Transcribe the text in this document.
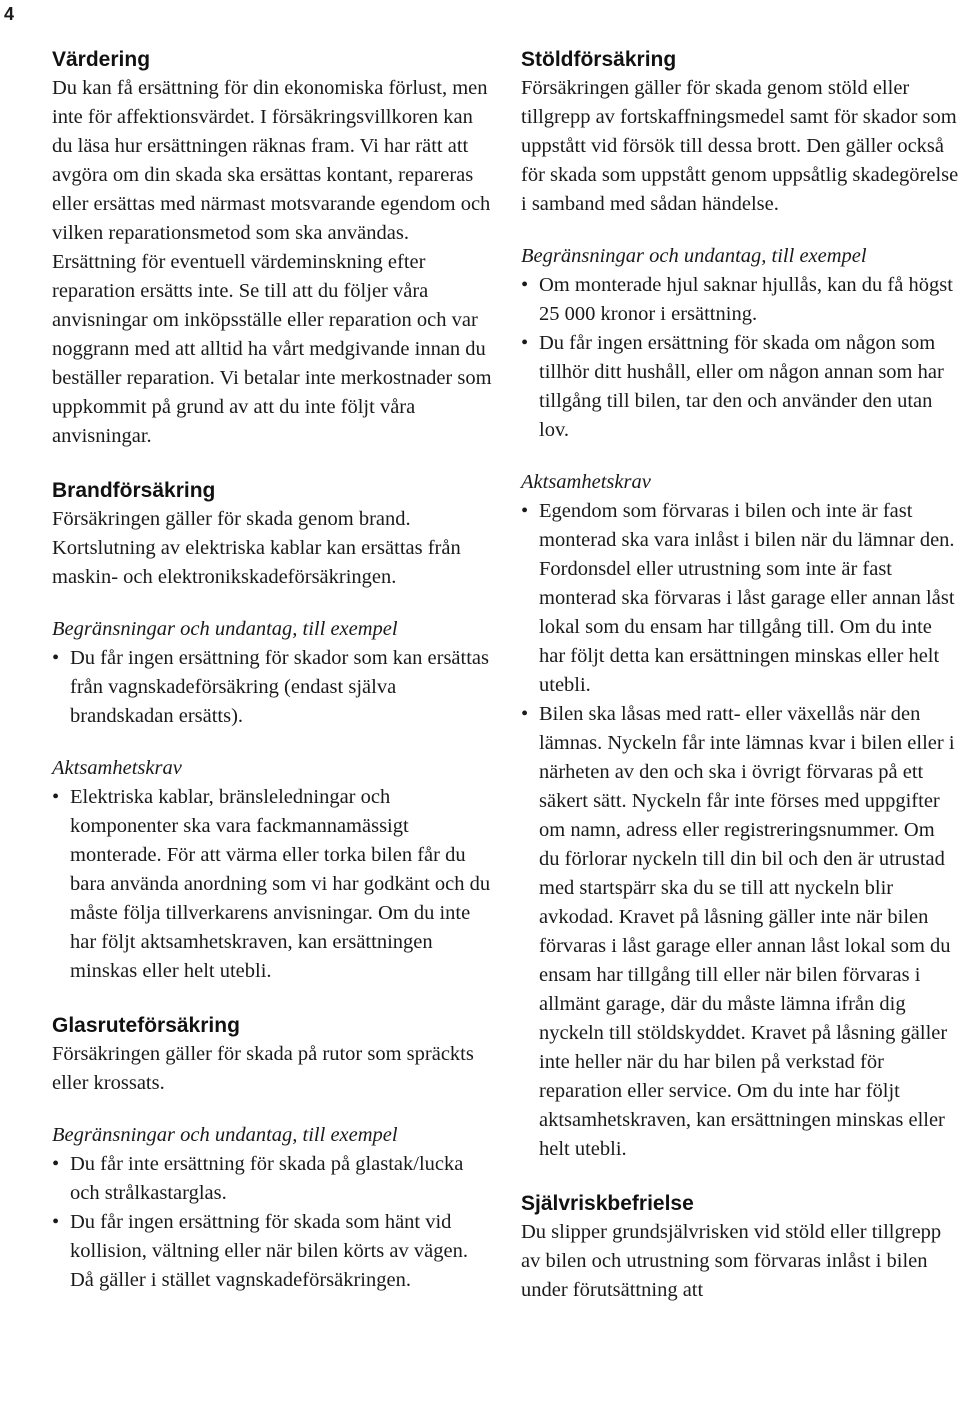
4
Värdering

Du kan få ersättning för din ekonomiska förlust, men inte för affektionsvärdet. I försäkringsvillkoren kan du läsa hur ersättningen räknas fram. Vi har rätt att avgöra om din skada ska ersättas kontant, repareras eller ersättas med närmast motsvarande egendom och vilken reparationsmetod som ska användas. Ersättning för eventuell värdeminskning efter reparation ersätts inte. Se till att du följer våra anvisningar om inköpsställe eller reparation och var noggrann med att alltid ha vårt medgivande innan du beställer reparation. Vi betalar inte merkostnader som uppkommit på grund av att du inte följt våra anvisningar.

Brandförsäkring

Försäkringen gäller för skada genom brand. Kortslutning av elektriska kablar kan ersättas från maskin- och elektronikskadeförsäkringen.

Begränsningar och undantag, till exempel

• Du får ingen ersättning för skador som kan ersättas från vagnskadeförsäkring (endast själva brandskadan ersätts).

Aktsamhetskrav

• Elektriska kablar, bränsleledningar och komponenter ska vara fackmannamässigt monterade. För att värma eller torka bilen får du bara använda anordning som vi har godkänt och du måste följa tillverkarens anvisningar. Om du inte har följt aktsamhetskraven, kan ersättningen minskas eller helt utebli.
Glasruteförsäkring

Försäkringen gäller för skada på rutor som spräckts eller krossats.

Begränsningar och undantag, till exempel

• Du får inte ersättning för skada på glastak/lucka och strålkastarglas.
• Du får ingen ersättning för skada som hänt vid kollision, vältning eller när bilen körts av vägen. Då gäller i stället vagnskadeförsäkringen.
Stöldförsäkring

Försäkringen gäller för skada genom stöld eller tillgrepp av fortskaffningsmedel samt för skador som uppstått vid försök till dessa brott. Den gäller också för skada som uppstått genom uppsåtlig skadegörelse i samband med sådan händelse.

Begränsningar och undantag, till exempel

• Om monterade hjul saknar hjullås, kan du få högst 25 000 kronor i ersättning.
• Du får ingen ersättning för skada om någon som tillhör ditt hushåll, eller om någon annan som har tillgång till bilen, tar den och använder den utan lov.

Aktsamhetskrav

• Egendom som förvaras i bilen och inte är fast monterad ska vara inlåst i bilen när du lämnar den. Fordonsdel eller utrustning som inte är fast monterad ska förvaras i låst garage eller annan låst lokal som du ensam har tillgång till. Om du inte har följt detta kan ersättningen minskas eller helt utebli.
• Bilen ska låsas med ratt- eller växellås när den lämnas. Nyckeln får inte lämnas kvar i bilen eller i närheten av den och ska i övrigt förvaras på ett säkert sätt. Nyckeln får inte förses med uppgifter om namn, adress eller registreringsnummer. Om du förlorar nyckeln till din bil och den är utrustad med startspärr ska du se till att nyckeln blir avkodad. Kravet på låsning gäller inte när bilen förvaras i låst garage eller annan låst lokal som du ensam har tillgång till eller när bilen förvaras i allmänt garage, där du måste lämna ifrån dig nyckeln till stöldskyddet. Kravet på låsning gäller inte heller när du har bilen på verkstad för reparation eller service. Om du inte har följt aktsamhetskraven, kan ersättningen minskas eller helt utebli.
Självriskbefrielse

Du slipper grundsjälvrisken vid stöld eller tillgrepp av bilen och utrustning som förvaras inlåst i bilen under förutsättning att
